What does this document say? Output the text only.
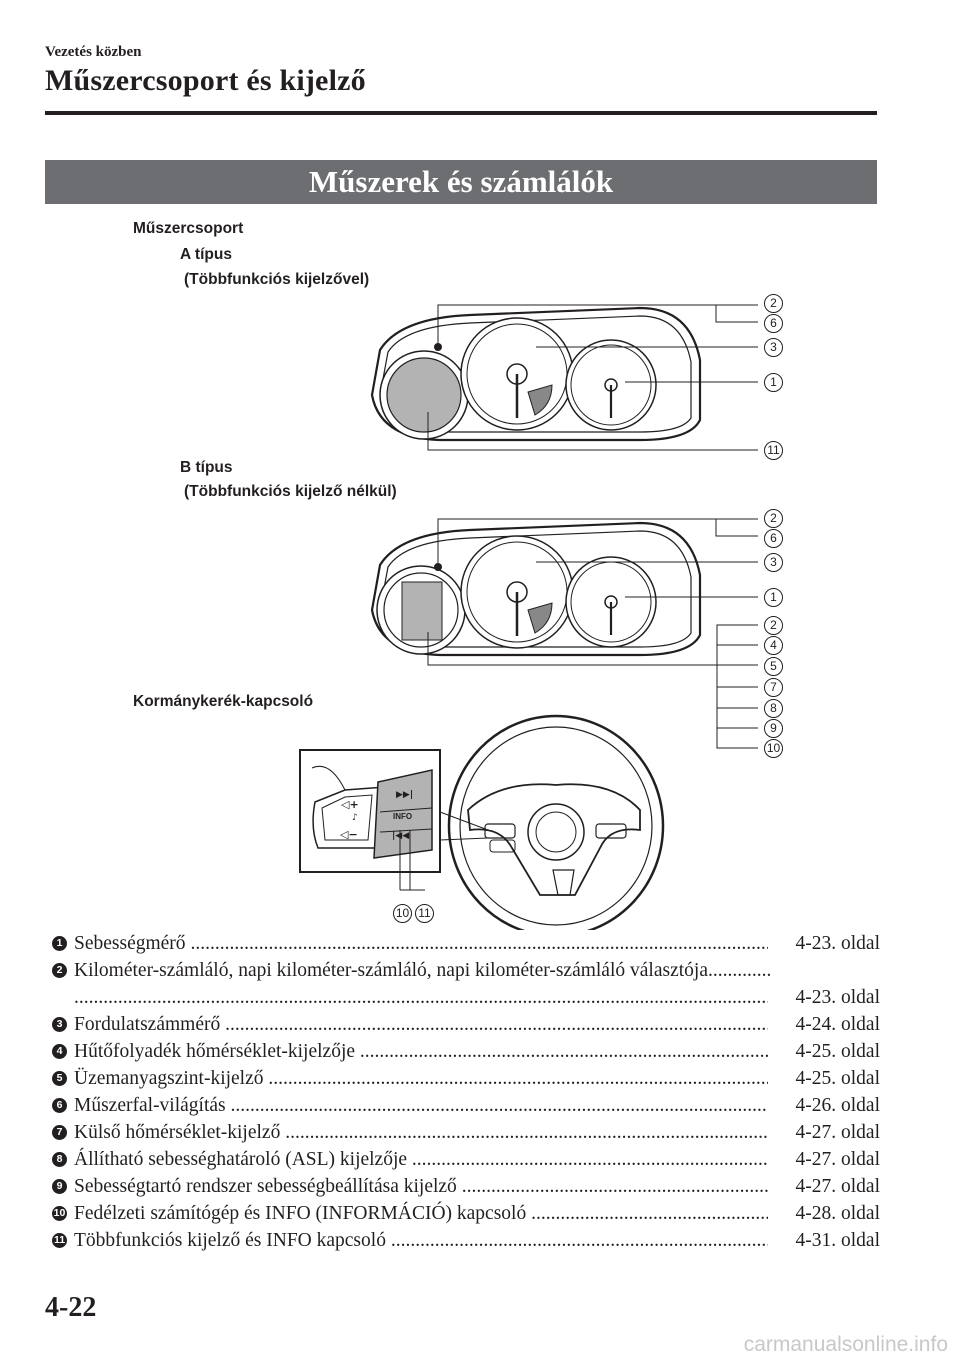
Vezetés közben
Műszercsoport és kijelző
Műszerek és számlálók
Műszercsoport
A típus
(Többfunkciós kijelzővel)
B típus
(Többfunkciós kijelző nélkül)
Kormánykerék-kapcsoló
◁+
◁−
♪
▶▶|
INFO
|◀◀
2
6
3
1
11
2
6
3
1
2
4
5
7
8
9
10
10 11
1 Sebességmérő .....	4-23. oldal
2 Kilométer-számláló, napi kilométer-számláló, napi kilométer-számláló választója.............
.....
4-23. oldal
3 Fordulatszámmérő .....	4-24. oldal
4 Hűtőfolyadék hőmérséklet-kijelzője .....	4-25. oldal
5 Üzemanyagszint-kijelző .....	4-25. oldal
6 Műszerfal-világítás .....	4-26. oldal
7 Külső hőmérséklet-kijelző .....	4-27. oldal
8 Állítható sebességhatároló (ASL) kijelzője .....	4-27. oldal
9 Sebességtartó rendszer sebességbeállítása kijelző .....	4-27. oldal
10 Fedélzeti számítógép és INFO (INFORMÁCIÓ) kapcsoló .....	4-28. oldal
11 Többfunkciós kijelző és INFO kapcsoló .....	4-31. oldal
4-22
carmanualsonline.info
